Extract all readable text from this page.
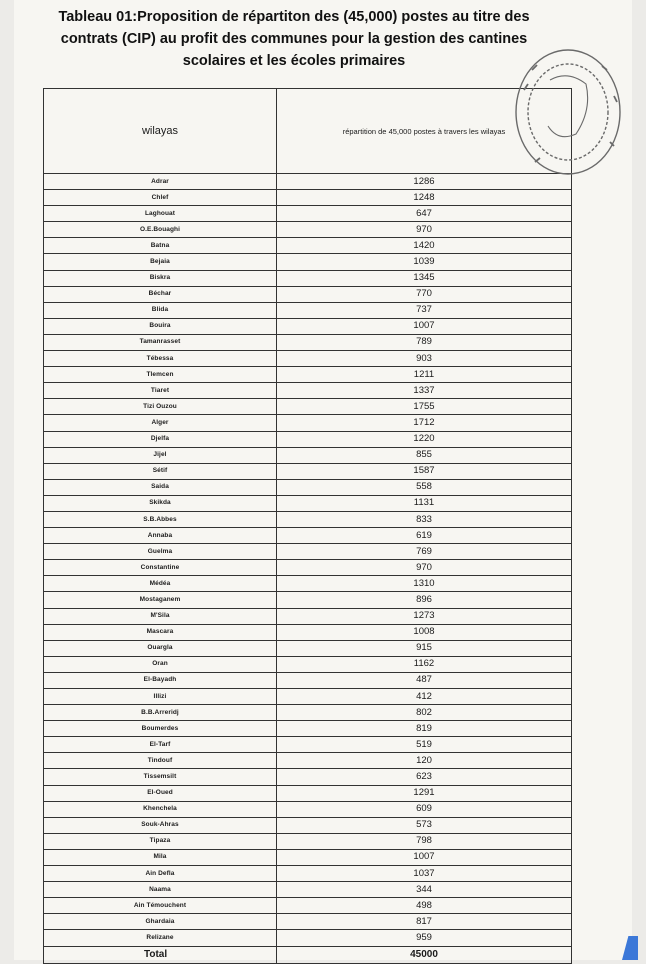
Tableau 01:Proposition de répartiton des (45,000) postes au titre des
contrats (CIP) au profit des communes pour la gestion des cantines
scolaires et les écoles primaires
wilayas	répartition de 45,000 postes à travers les wilayas
Adrar	1286
Chlef	1248
Laghouat	647
O.E.Bouaghi	970
Batna	1420
Bejaia	1039
Biskra	1345
Béchar	770
Blida	737
Bouira	1007
Tamanrasset	789
Tébessa	903
Tlemcen	1211
Tiaret	1337
Tizi Ouzou	1755
Alger	1712
Djelfa	1220
Jijel	855
Sétif	1587
Saida	558
Skikda	1131
S.B.Abbes	833
Annaba	619
Guelma	769
Constantine	970
Médéa	1310
Mostaganem	896
M'Sila	1273
Mascara	1008
Ouargla	915
Oran	1162
El-Bayadh	487
Illizi	412
B.B.Arreridj	802
Boumerdes	819
El-Tarf	519
Tindouf	120
Tissemsilt	623
El-Oued	1291
Khenchela	609
Souk-Ahras	573
Tipaza	798
Mila	1007
Ain Defla	1037
Naama	344
Ain Témouchent	498
Ghardaia	817
Relizane	959
Total	45000
